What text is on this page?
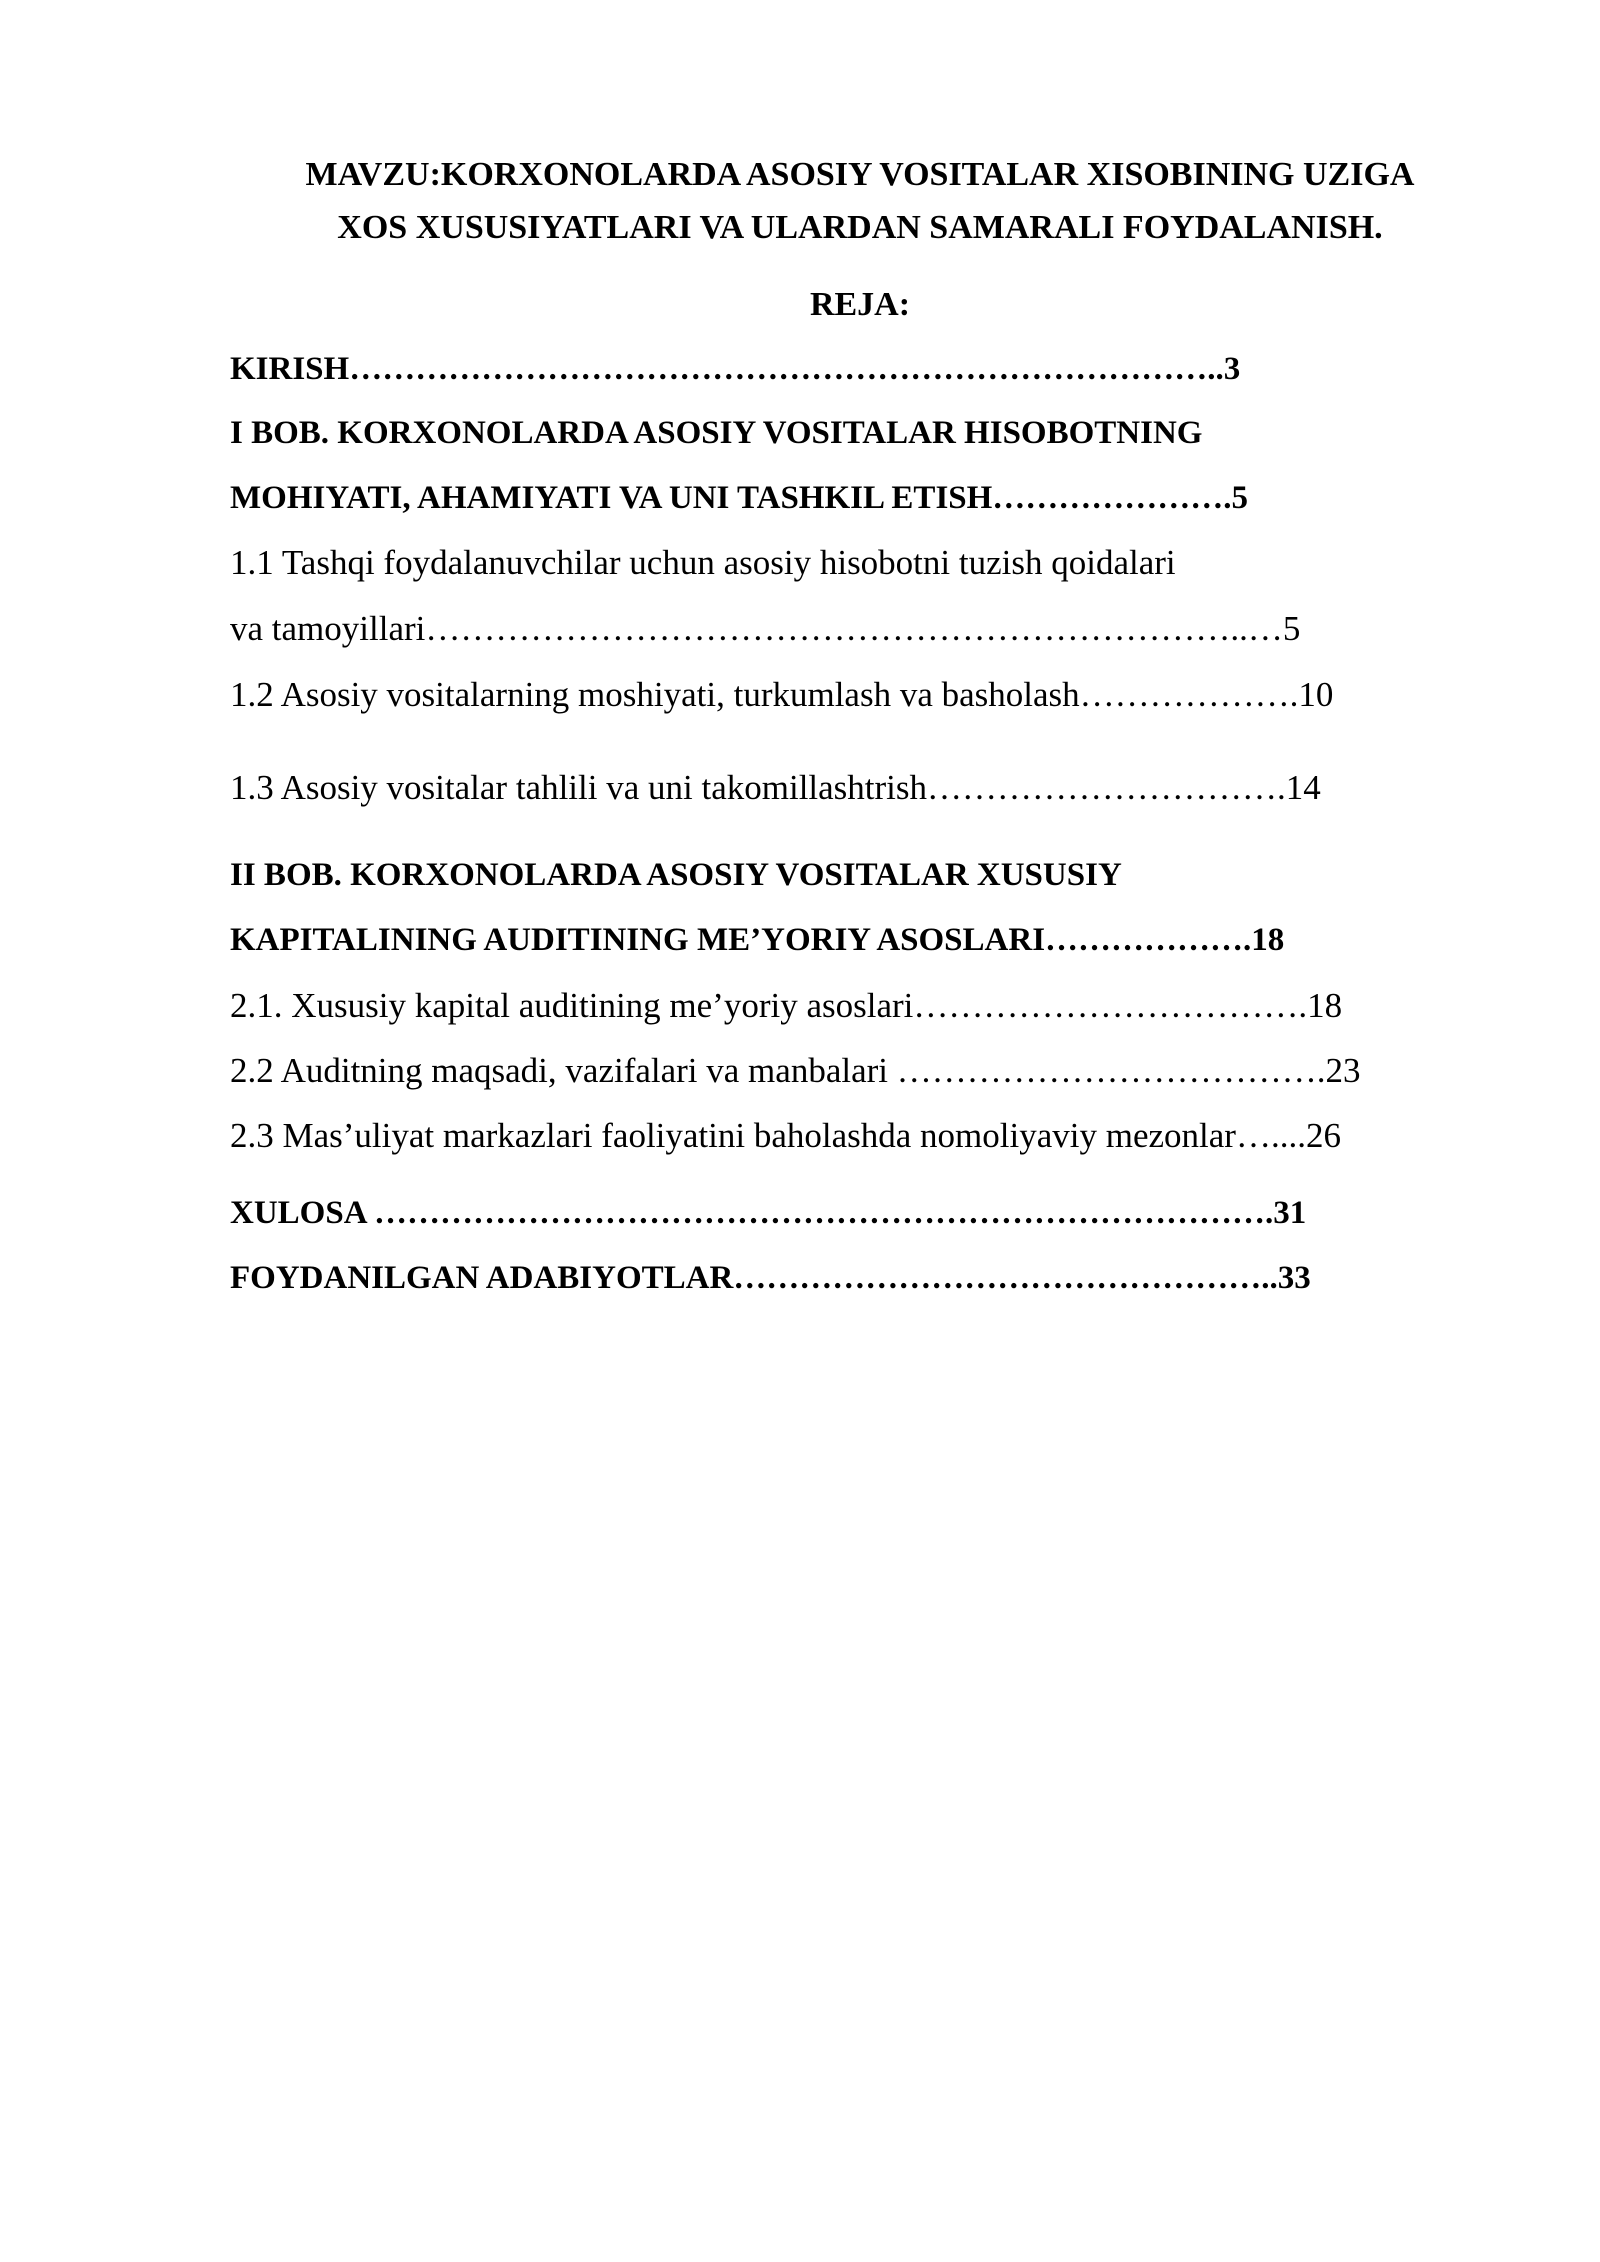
MAVZU:KORXONOLARDA ASOSIY VOSITALAR XISOBINING UZIGA

XOS XUSUSIYATLARI VA ULARDAN SAMARALI FOYDALANISH.

REJA:

KIRISH……………………………………………………………………..3

I BOB. KORXONOLARDA ASOSIY VOSITALAR HISOBOTNING

MOHIYATI, AHAMIYATI VA UNI TASHKIL ETISH………………….5

1.1 Tashqi foydalanuvchilar uchun asosiy hisobotni tuzish qoidalari

va tamoyillari……………………………………………………………..…5

1.2 Asosiy vositalarning moshiyati, turkumlash va basholash……………….10

1.3 Asosiy vositalar tahlili va uni takomillashtrish………………………….14

II BOB. KORXONOLARDA ASOSIY VOSITALAR XUSUSIY

KAPITALINING AUDITINING ME’YORIY ASOSLARI……………….18

2.1. Xususiy kapital auditining me’yoriy asoslari…………………………….18

2.2 Auditning maqsadi, vazifalari va manbalari ……………………………….23

2.3 Mas’uliyat markazlari faoliyatini baholashda nomoliyaviy mezonlar…....26

XULOSA ……………………………………………………………………….31

FOYDANILGAN ADABIYOTLAR…………………………………………..33
